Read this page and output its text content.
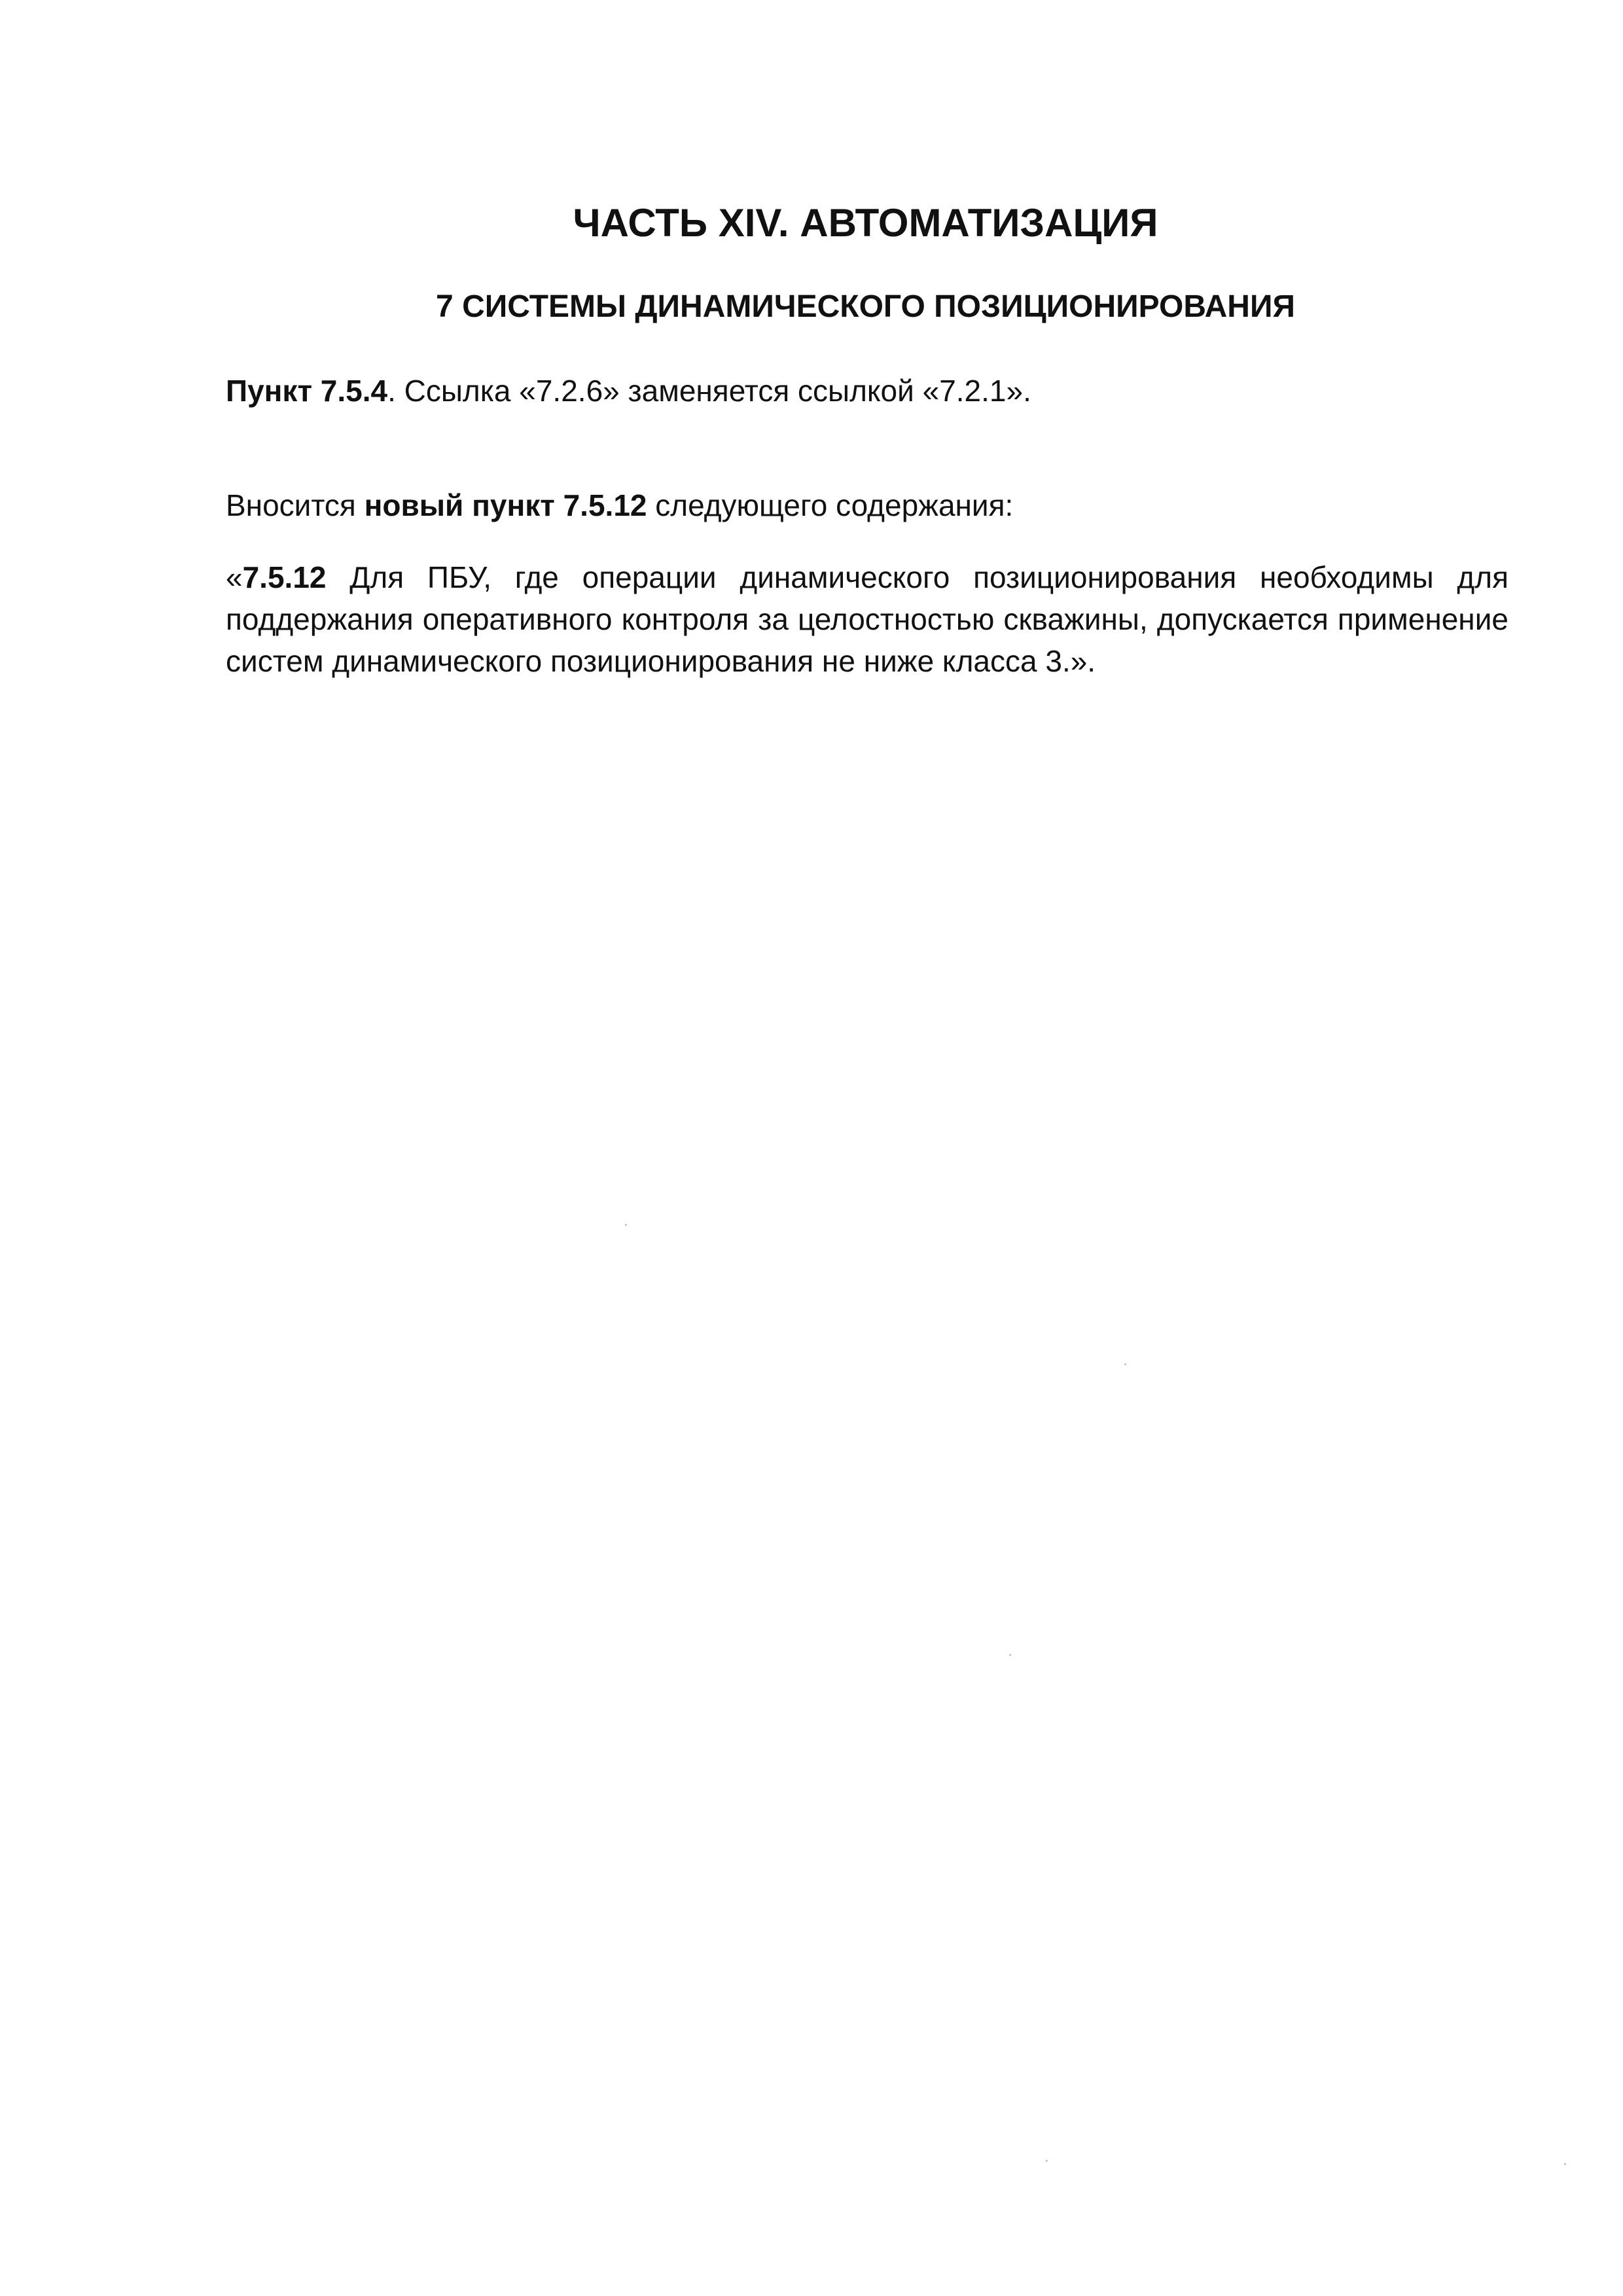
ЧАСТЬ XIV. АВТОМАТИЗАЦИЯ
7 СИСТЕМЫ ДИНАМИЧЕСКОГО ПОЗИЦИОНИРОВАНИЯ

Пункт 7.5.4. Ссылка «7.2.6» заменяется ссылкой «7.2.1».

Вносится новый пункт 7.5.12 следующего содержания:

«7.5.12 Для ПБУ, где операции динамического позиционирования необходимы для поддержания оперативного контроля за целостностью скважины, допускается применение систем динамического позиционирования не ниже класса 3.».
